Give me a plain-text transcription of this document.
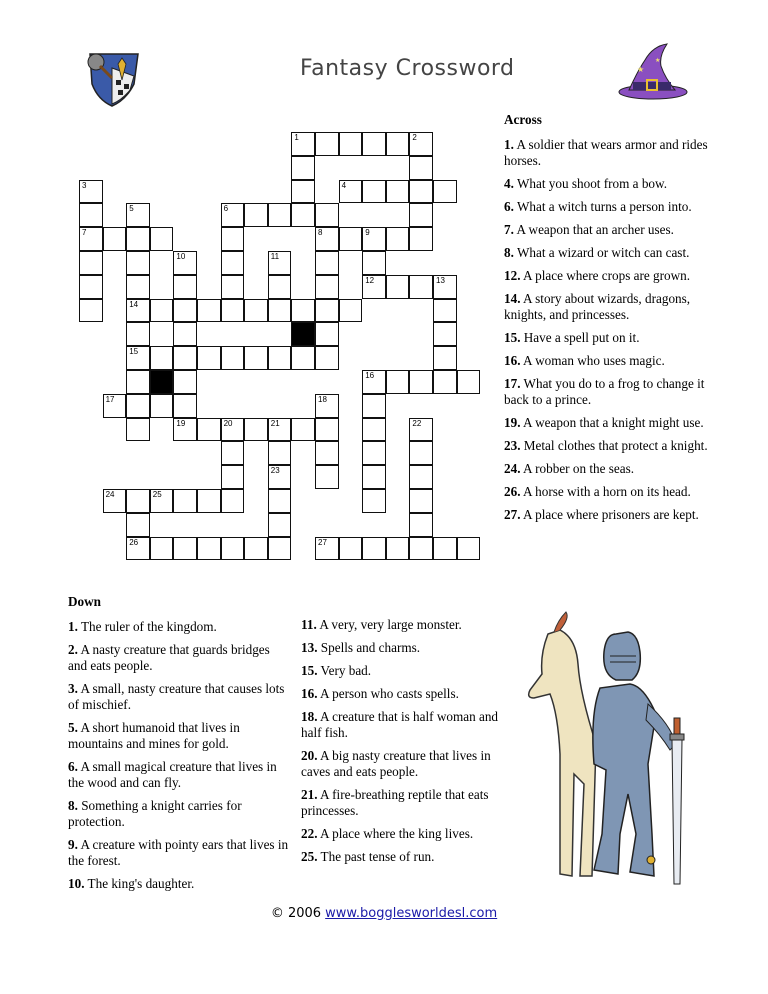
Fantasy Crossword	★
★
1	2
3	4
5	6
7	8	9
10	11
12	13
14
15
16
17	18
19	20	21	22
23
24	25
26	27
Across
1. A soldier that wears armor and rides horses.
4. What you shoot from a bow.
6. What a witch turns a person into.
7. A weapon that an archer uses.
8. What a wizard or witch can cast.
12. A place where crops are grown.
14. A story about wizards, dragons, knights, and princesses.
15. Have a spell put on it.
16. A woman who uses magic.
17. What you do to a frog to change it back to a prince.
19. A weapon that a knight might use.
23. Metal clothes that protect a knight.
24. A robber on the seas.
26. A horse with a horn on its head.
27. A place where prisoners are kept.
Down
1. The ruler of the kingdom.
2. A nasty creature that guards bridges and eats people.
3. A small, nasty creature that causes lots of mischief.
5. A short humanoid that lives in mountains and mines for gold.
6. A small magical creature that lives in the wood and can fly.
8. Something a knight carries for protection.
9. A creature with pointy ears that lives in the forest.
10. The king's daughter.
11. A very, very large monster.
13. Spells and charms.
15. Very bad.
16. A person who casts spells.
18. A creature that is half woman and half fish.
20. A big nasty creature that lives in caves and eats people.
21. A fire-breathing reptile that eats princesses.
22. A place where the king lives.
25. The past tense of run.
© 2006 www.bogglesworldesl.com
